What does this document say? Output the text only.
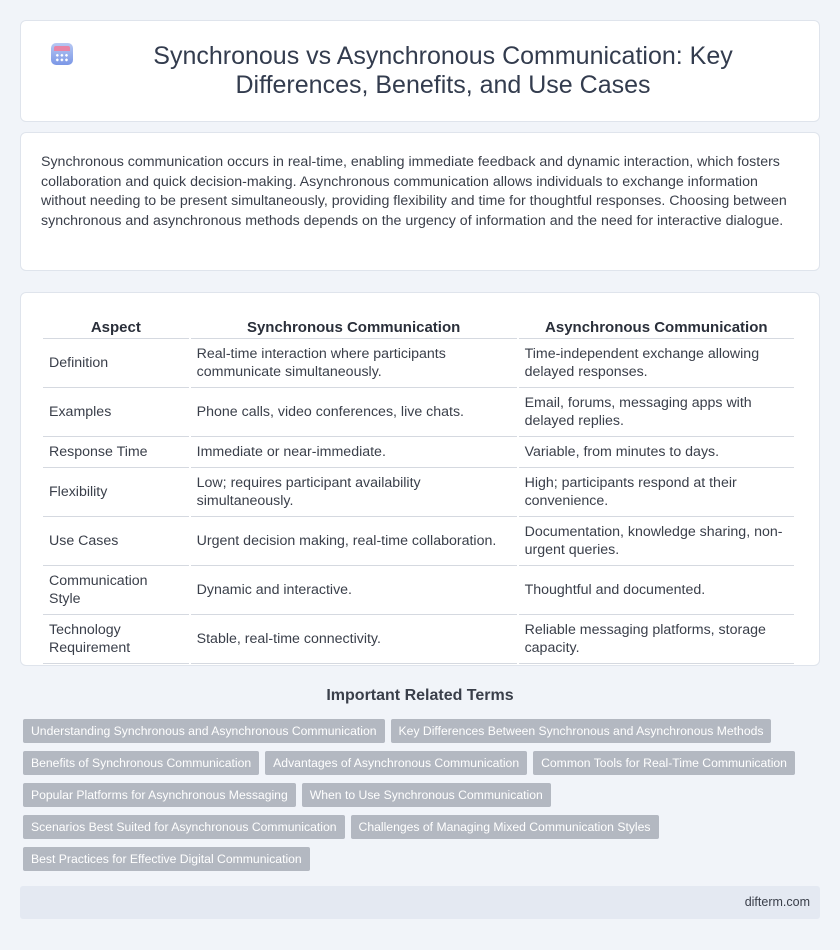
Synchronous vs Asynchronous Communication: Key Differences, Benefits, and Use Cases

Synchronous communication occurs in real-time, enabling immediate feedback and dynamic interaction, which fosters collaboration and quick decision-making. Asynchronous communication allows individuals to exchange information without needing to be present simultaneously, providing flexibility and time for thoughtful responses. Choosing between synchronous and asynchronous methods depends on the urgency of information and the need for interactive dialogue.

Aspect	Synchronous Communication	Asynchronous Communication
Definition	Real-time interaction where participants communicate simultaneously.	Time-independent exchange allowing delayed responses.
Examples	Phone calls, video conferences, live chats.	Email, forums, messaging apps with delayed replies.
Response Time	Immediate or near-immediate.	Variable, from minutes to days.
Flexibility	Low; requires participant availability simultaneously.	High; participants respond at their convenience.
Use Cases	Urgent decision making, real-time collaboration.	Documentation, knowledge sharing, non-urgent queries.
Communication Style	Dynamic and interactive.	Thoughtful and documented.
Technology Requirement	Stable, real-time connectivity.	Reliable messaging platforms, storage capacity.
Important Related Terms
Understanding Synchronous and Asynchronous Communication	Key Differences Between Synchronous and Asynchronous Methods
Benefits of Synchronous Communication	Advantages of Asynchronous Communication	Common Tools for Real-Time Communication
Popular Platforms for Asynchronous Messaging	When to Use Synchronous Communication
Scenarios Best Suited for Asynchronous Communication	Challenges of Managing Mixed Communication Styles
Best Practices for Effective Digital Communication
difterm.com
